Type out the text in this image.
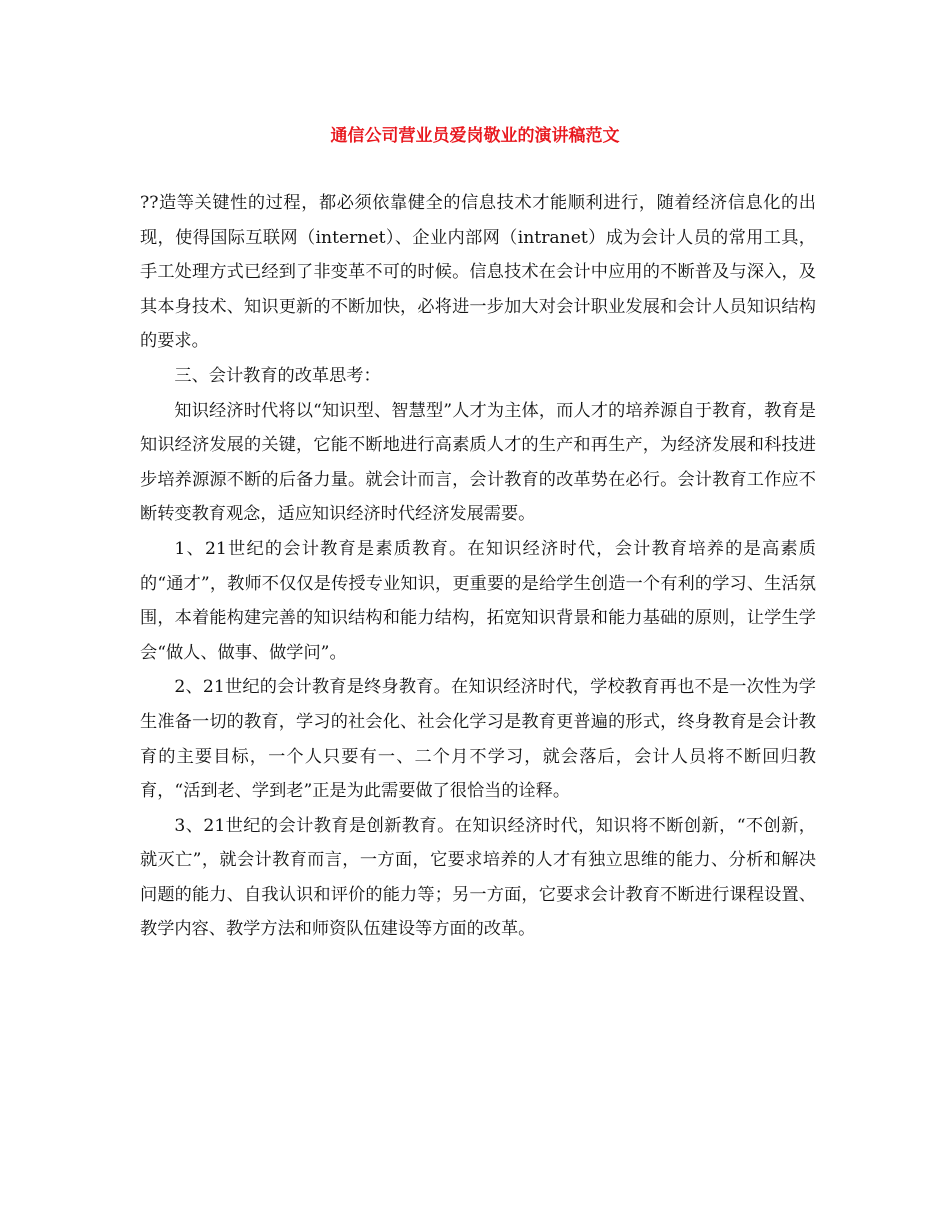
通信公司营业员爱岗敬业的演讲稿范文

??造等关键性的过程，都必须依靠健全的信息技术才能顺利进行，随着经济信息化的出现，使得国际互联网（internet）、企业内部网（intranet）成为会计人员的常用工具，手工处理方式已经到了非变革不可的时候。信息技术在会计中应用的不断普及与深入，及其本身技术、知识更新的不断加快，必将进一步加大对会计职业发展和会计人员知识结构的要求。

三、会计教育的改革思考：

知识经济时代将以“知识型、智慧型”人才为主体，而人才的培养源自于教育，教育是知识经济发展的关键，它能不断地进行高素质人才的生产和再生产，为经济发展和科技进步培养源源不断的后备力量。就会计而言，会计教育的改革势在必行。会计教育工作应不断转变教育观念，适应知识经济时代经济发展需要。

1、21世纪的会计教育是素质教育。在知识经济时代，会计教育培养的是高素质的“通才”，教师不仅仅是传授专业知识，更重要的是给学生创造一个有利的学习、生活氛围，本着能构建完善的知识结构和能力结构，拓宽知识背景和能力基础的原则，让学生学会“做人、做事、做学问”。

2、21世纪的会计教育是终身教育。在知识经济时代，学校教育再也不是一次性为学生准备一切的教育，学习的社会化、社会化学习是教育更普遍的形式，终身教育是会计教育的主要目标，一个人只要有一、二个月不学习，就会落后，会计人员将不断回归教育，“活到老、学到老”正是为此需要做了很恰当的诠释。

3、21世纪的会计教育是创新教育。在知识经济时代，知识将不断创新，“不创新，就灭亡”，就会计教育而言，一方面，它要求培养的人才有独立思维的能力、分析和解决问题的能力、自我认识和评价的能力等；另一方面，它要求会计教育不断进行课程设置、教学内容、教学方法和师资队伍建设等方面的改革。
